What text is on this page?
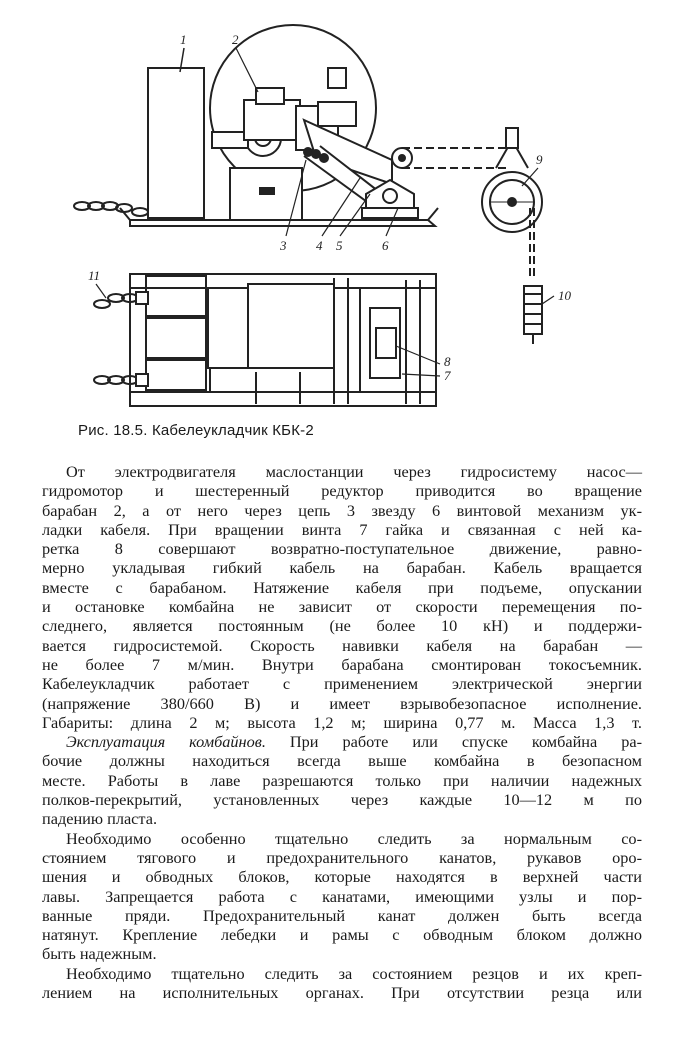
1	2
3 4 5	6
7
8
9
10
11
Рис. 18.5. Кабелеукладчик КБК-2
От электродвигателя маслостанции через гидросистему насос—
гидромотор и шестеренный редуктор приводится во вращение
барабан 2, а от него через цепь 3 звезду 6 винтовой механизм ук-
ладки кабеля. При вращении винта 7 гайка и связанная с ней ка-
ретка 8 совершают возвратно-поступательное движение, равно-
мерно укладывая гибкий кабель на барабан. Кабель вращается
вместе с барабаном. Натяжение кабеля при подъеме, опускании
и остановке комбайна не зависит от скорости перемещения по-
следнего, является постоянным (не более 10 кН) и поддержи-
вается гидросистемой. Скорость навивки кабеля на барабан —
не более 7 м/мин. Внутри барабана смонтирован токосъемник.
Кабелеукладчик работает с применением электрической энергии
(напряжение 380/660 В) и имеет взрывобезопасное исполнение.
Габариты: длина 2 м; высота 1,2 м; ширина 0,77 м. Масса 1,3 т.
Эксплуатация комбайнов. При работе или спуске комбайна ра-
бочие должны находиться всегда выше комбайна в безопасном
месте. Работы в лаве разрешаются только при наличии надежных
полков-перекрытий, установленных через каждые 10—12 м по
падению пласта.
Необходимо особенно тщательно следить за нормальным со-
стоянием тягового и предохранительного канатов, рукавов оро-
шения и обводных блоков, которые находятся в верхней части
лавы. Запрещается работа с канатами, имеющими узлы и пор-
ванные пряди. Предохранительный канат должен быть всегда
натянут. Крепление лебедки и рамы с обводным блоком должно
быть надежным.
Необходимо тщательно следить за состоянием резцов и их креп-
лением на исполнительных органах. При отсутствии резца или
